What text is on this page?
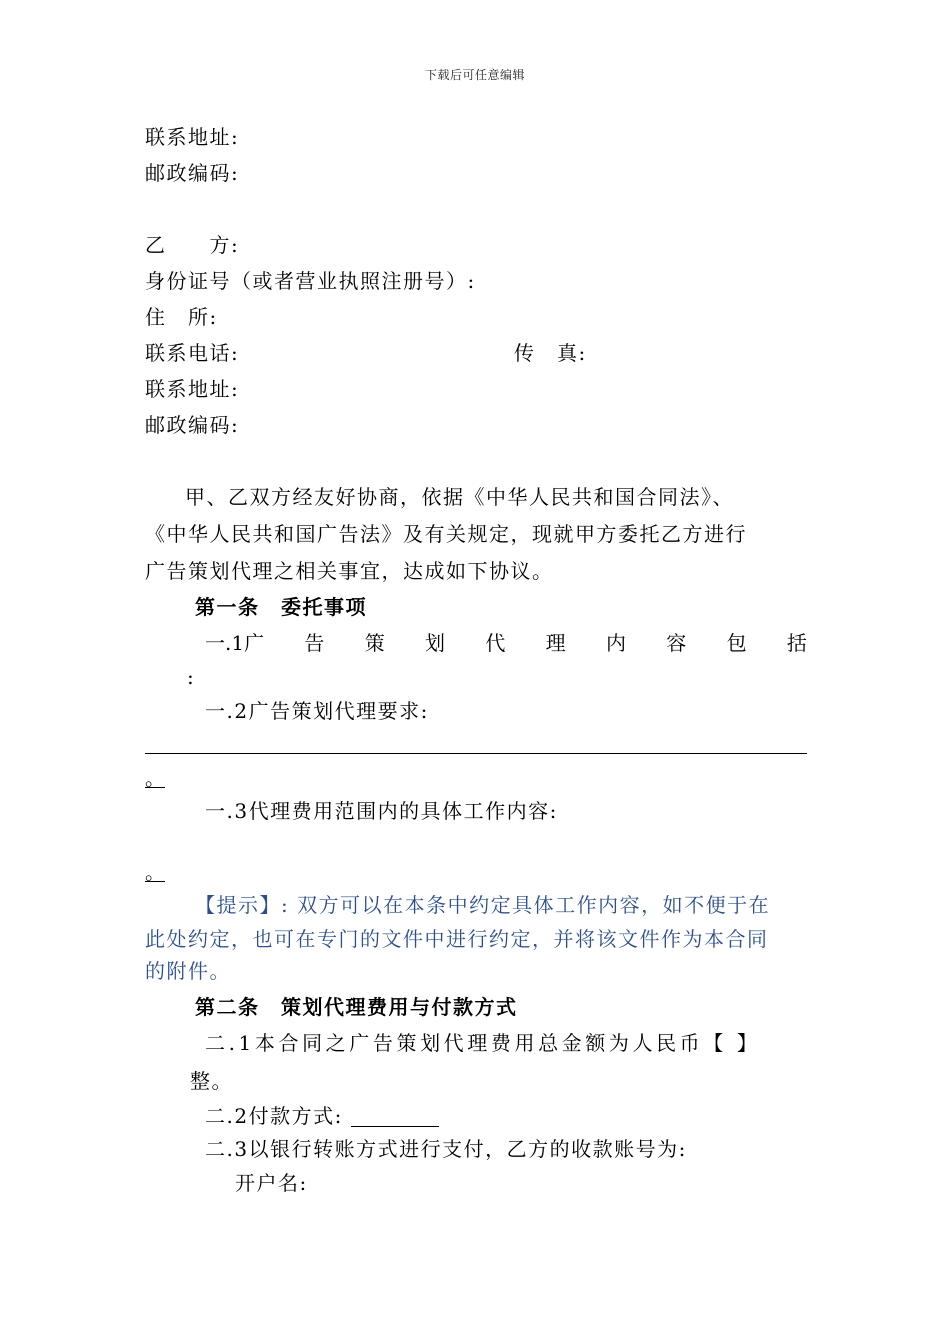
下载后可任意编辑
联系地址:
邮政编码:
乙　　方:
身份证号（或者营业执照注册号）:
住　所:
联系电话:	传　真:
联系地址:
邮政编码:
甲、乙双方经友好协商，依据《中华人民共和国合同法》、
《中华人民共和国广告法》及有关规定，现就甲方委托乙方进行
广告策划代理之相关事宜，达成如下协议。
第一条　委托事项
一.1广 告 策 划 代 理 内 容 包 括
:
一.2广告策划代理要求:
。
一.3代理费用范围内的具体工作内容:
。
【提示】: 双方可以在本条中约定具体工作内容，如不便于在
此处约定，也可在专门的文件中进行约定，并将该文件作为本合同
的附件。
第二条　策划代理费用与付款方式
二.1本合同之广告策划代理费用总金额为人民币【 】
整。
二.2付款方式:
二.3以银行转账方式进行支付，乙方的收款账号为:
开户名:
